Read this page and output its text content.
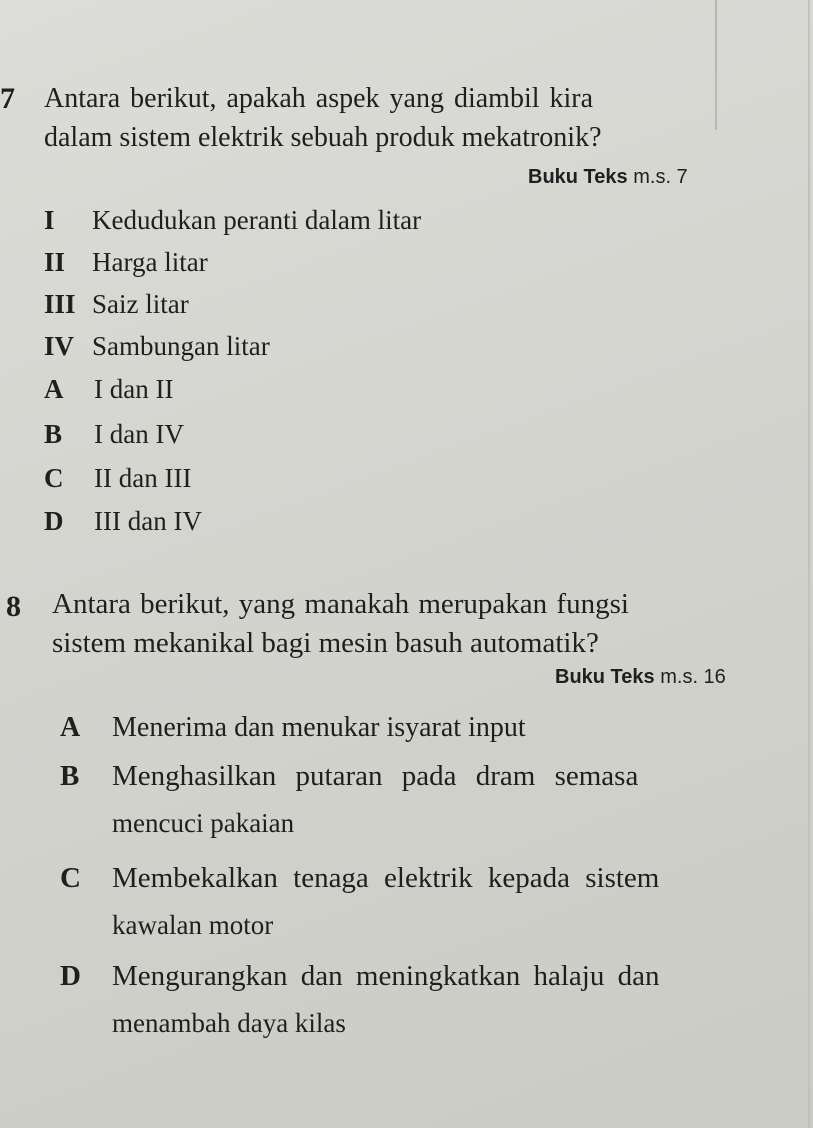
7 Antara berikut, apakah aspek yang diambil kira
dalam sistem elektrik sebuah produk mekatronik?
Buku Teks m.s. 7
I	Kedudukan peranti dalam litar
II Harga litar
III Saiz litar
IV Sambungan litar
A	I dan II
B	I dan IV
C	II dan III
D	III dan IV
8 Antara berikut, yang manakah merupakan fungsi
sistem mekanikal bagi mesin basuh automatik?
Buku Teks m.s. 16
A	Menerima dan menukar isyarat input
B	Menghasilkan putaran pada dram semasa
mencuci pakaian
C	Membekalkan tenaga elektrik kepada sistem
kawalan motor
D	Mengurangkan dan meningkatkan halaju dan
menambah daya kilas
